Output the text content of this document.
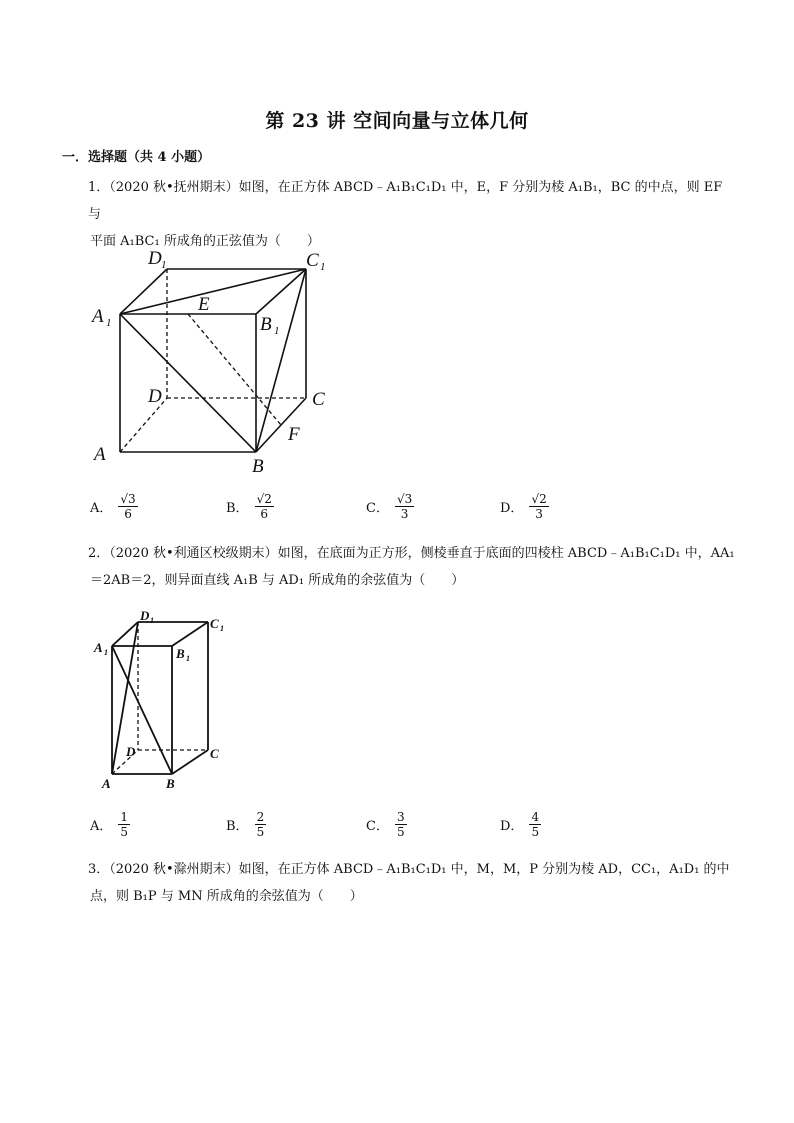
第 23 讲 空间向量与立体几何
一．选择题（共 4 小题）
1．（2020 秋•抚州期末）如图，在正方体 ABCD﹣A₁B₁C₁D₁ 中，E，F 分别为棱 A₁B₁，BC 的中点，则 EF 与
平面 A₁BC₁ 所成角的正弦值为（　　）
D 1	C 1
A 1
E
B 1
D	C
F
A
B
A． $\frac{√3}{6}$	B． $\frac{√2}{6}$	C． $\frac{√3}{3}$	D． $\frac{√2}{3}$
2．（2020 秋•利通区校级期末）如图，在底面为正方形，侧棱垂直于底面的四棱柱 ABCD﹣A₁B₁C₁D₁ 中，AA₁
＝2AB＝2，则异面直线 A₁B 与 AD₁ 所成角的余弦值为（　　）
D 1	C 1
A 1	B 1
D	C
A	B
A． $\frac{1}{5}$	B． $\frac{2}{5}$	C． $\frac{3}{5}$	D． $\frac{4}{5}$
3．（2020 秋•滁州期末）如图，在正方体 ABCD﹣A₁B₁C₁D₁ 中，M，M，P 分别为棱 AD，CC₁，A₁D₁ 的中
点，则 B₁P 与 MN 所成角的余弦值为（　　）
